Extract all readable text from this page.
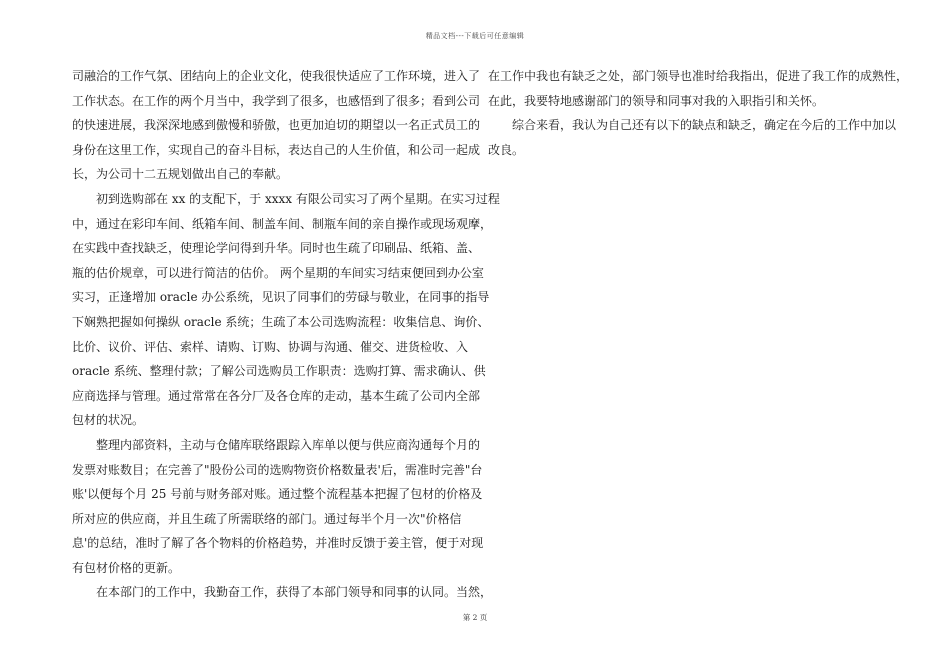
精品文档---下载后可任意编辑
司融洽的工作气氛、团结向上的企业文化，使我很快适应了工作环境，进入了
工作状态。在工作的两个月当中，我学到了很多，也感悟到了很多；看到公司
的快速进展，我深深地感到傲慢和骄傲，也更加迫切的期望以一名正式员工的
身份在这里工作，实现自己的奋斗目标，表达自己的人生价值，和公司一起成
长，为公司十二五规划做出自己的奉献。
初到选购部在 xx 的支配下，于 xxxx 有限公司实习了两个星期。在实习过程
中，通过在彩印车间、纸箱车间、制盖车间、制瓶车间的亲自操作或现场观摩，
在实践中查找缺乏，使理论学问得到升华。同时也生疏了印刷品、纸箱、盖、
瓶的估价规章，可以进行简洁的估价。 两个星期的车间实习结束便回到办公室
实习，正逢增加 oracle 办公系统，见识了同事们的劳碌与敬业，在同事的指导
下娴熟把握如何操纵 oracle 系统；生疏了本公司选购流程：收集信息、询价、
比价、议价、评估、索样、请购、订购、协调与沟通、催交、进货检收、入
oracle 系统、整理付款；了解公司选购员工作职责：选购打算、需求确认、供
应商选择与管理。通过常常在各分厂及各仓库的走动，基本生疏了公司内全部
包材的状况。
整理内部资料，主动与仓储库联络跟踪入库单以便与供应商沟通每个月的
发票对账数目；在完善了"股份公司的选购物资价格数量表'后，需准时完善"台
账'以便每个月 25 号前与财务部对账。通过整个流程基本把握了包材的价格及
所对应的供应商，并且生疏了所需联络的部门。通过每半个月一次"价格信
息'的总结，准时了解了各个物料的价格趋势，并准时反馈于姜主管，便于对现
有包材价格的更新。
在本部门的工作中，我勤奋工作，获得了本部门领导和同事的认同。当然，
在工作中我也有缺乏之处，部门领导也准时给我指出，促进了我工作的成熟性，
在此，我要特地感谢部门的领导和同事对我的入职指引和关怀。
综合来看，我认为自己还有以下的缺点和缺乏，确定在今后的工作中加以
改良。
第 2 页
